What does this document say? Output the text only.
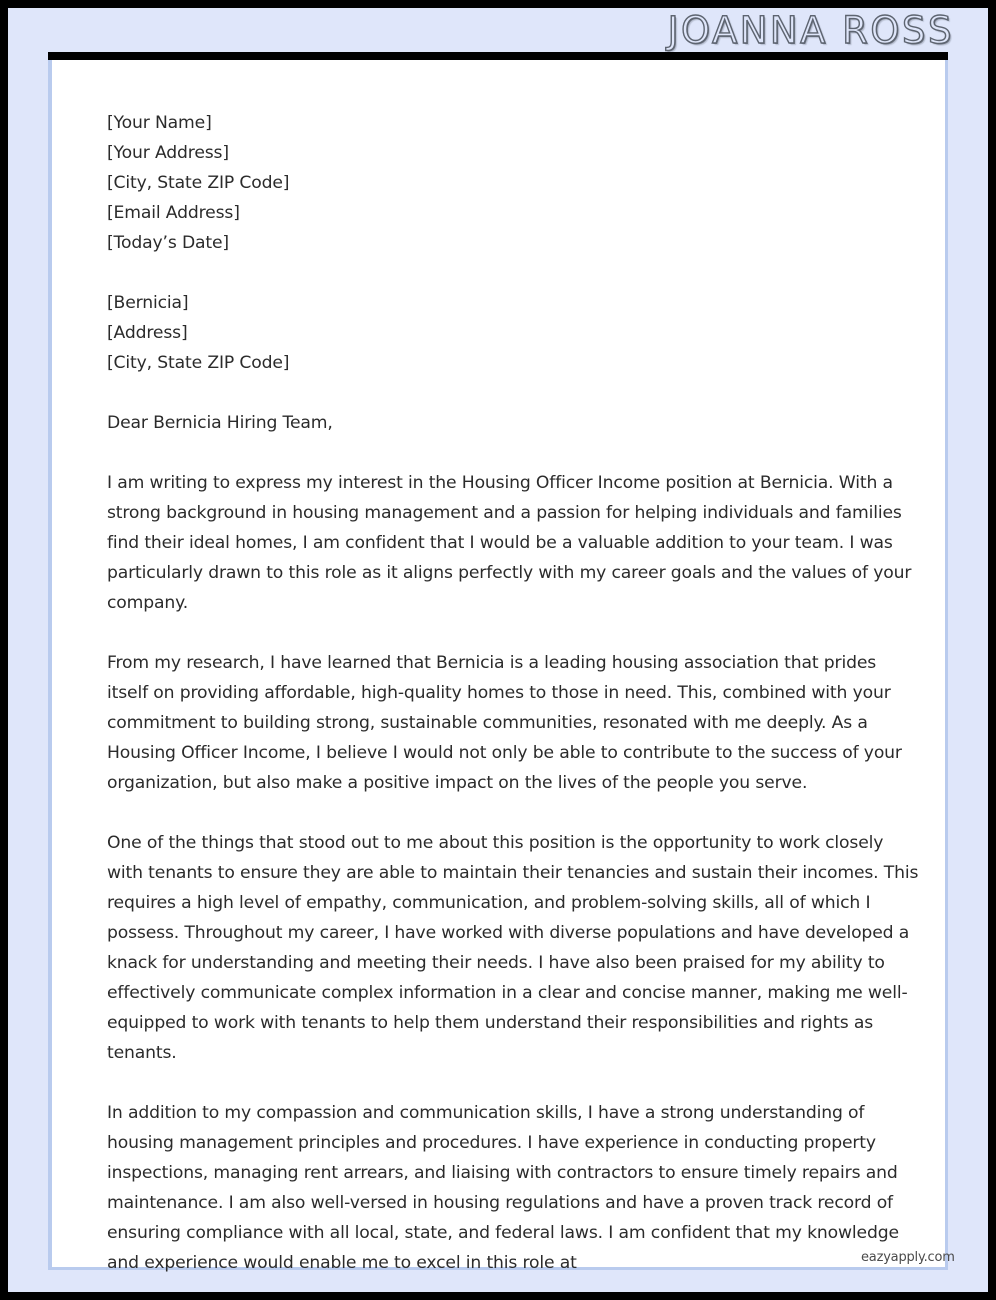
JOANNA ROSS
[Your Name]
[Your Address]
[City, State ZIP Code]
[Email Address]
[Today’s Date]
[Bernicia]
[Address]
[City, State ZIP Code]
Dear Bernicia Hiring Team,

I am writing to express my interest in the Housing Officer Income position at Bernicia. With a strong background in housing management and a passion for helping individuals and families find their ideal homes, I am confident that I would be a valuable addition to your team. I was particularly drawn to this role as it aligns perfectly with my career goals and the values of your company.

From my research, I have learned that Bernicia is a leading housing association that prides itself on providing affordable, high-quality homes to those in need. This, combined with your commitment to building strong, sustainable communities, resonated with me deeply. As a Housing Officer Income, I believe I would not only be able to contribute to the success of your organization, but also make a positive impact on the lives of the people you serve.

One of the things that stood out to me about this position is the opportunity to work closely with tenants to ensure they are able to maintain their tenancies and sustain their incomes. This requires a high level of empathy, communication, and problem-solving skills, all of which I possess. Throughout my career, I have worked with diverse populations and have developed a knack for understanding and meeting their needs. I have also been praised for my ability to effectively communicate complex information in a clear and concise manner, making me well-equipped to work with tenants to help them understand their responsibilities and rights as tenants.

In addition to my compassion and communication skills, I have a strong understanding of housing management principles and procedures. I have experience in conducting property inspections, managing rent arrears, and liaising with contractors to ensure timely repairs and maintenance. I am also well-versed in housing regulations and have a proven track record of ensuring compliance with all local, state, and federal laws. I am confident that my knowledge and experience would enable me to excel in this role at	eazyapply.com
